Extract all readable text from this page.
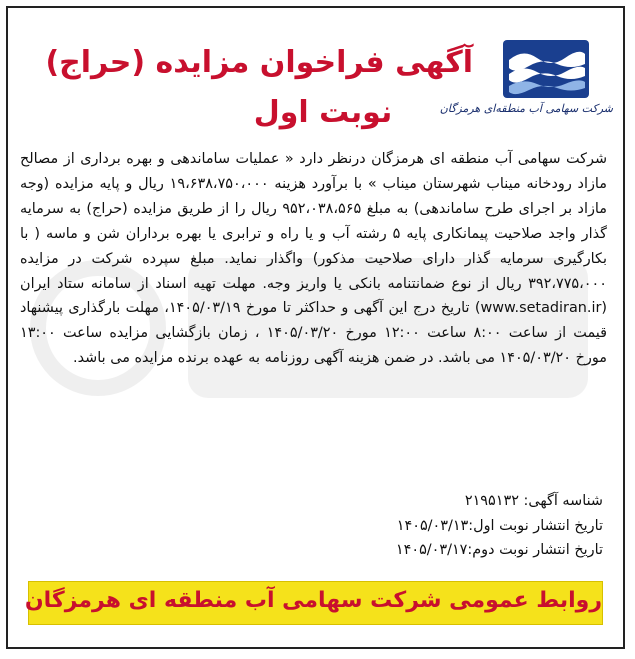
شرکت سهامی آب منطقه‌ای هرمزگان
آگهی فراخوان مزایده (حراج)
نوبت اول
شرکت سهامی آب منطقه ای هرمزگان درنظر دارد « عملیات ساماندهی و بهره برداری از مصالح مازاد رودخانه میناب شهرستان میناب » با برآورد هزینه ۱۹،۶۳۸،۷۵۰،۰۰۰ ریال و پایه مزایده (وجه مازاد بر اجرای طرح ساماندهی) به مبلغ ۹۵۲،۰۳۸،۵۶۵ ریال را از طریق مزایده (حراج) به سرمایه گذار واجد صلاحیت پیمانکاری پایه ۵ رشته آب و یا راه و ترابری یا بهره برداران شن و ماسه ( با بکارگیری سرمایه گذار دارای صلاحیت مذکور) واگذار نماید. مبلغ سپرده شرکت در مزایده ۳۹۲،۷۷۵،۰۰۰ ریال از نوع ضمانتنامه بانکی یا واریز وجه. مهلت تهیه اسناد از سامانه ستاد ایران (www.setadiran.ir) تاریخ درج این آگهی و حداکثر تا مورخ ۱۴۰۵/۰۳/۱۹، مهلت بارگذاری پیشنهاد قیمت از ساعت ۸:۰۰ ساعت ۱۲:۰۰ مورخ ۱۴۰۵/۰۳/۲۰ ، زمان بازگشایی مزایده ساعت ۱۳:۰۰ مورخ ۱۴۰۵/۰۳/۲۰ می باشد. در ضمن هزینه آگهی روزنامه به عهده برنده مزایده می باشد.
شناسه آگهی: ۲۱۹۵۱۳۲
تاریخ انتشار نوبت اول:۱۴۰۵/۰۳/۱۳
تاریخ انتشار نوبت دوم:۱۴۰۵/۰۳/۱۷
روابط عمومی شرکت سهامی آب منطقه ای هرمزگان
